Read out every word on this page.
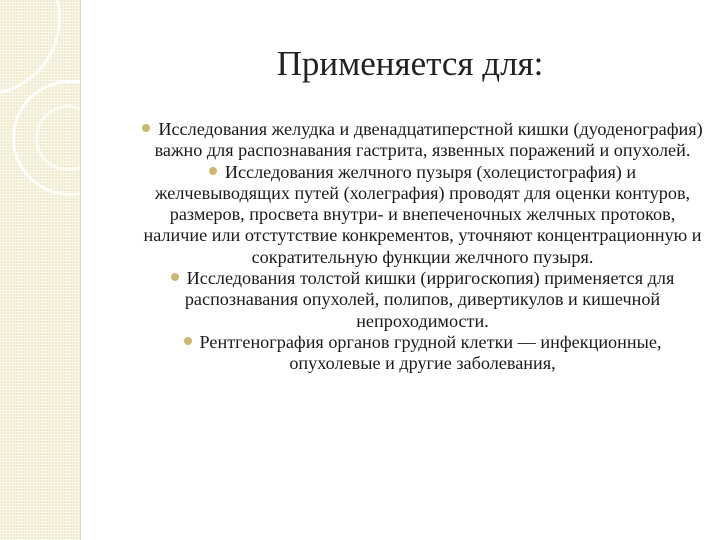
Применяется для:

Исследования желудка и двенадцатиперстной кишки (дуоденография) важно для распознавания гастрита, язвенных поражений и опухолей.

Исследования желчного пузыря (холецистография) и желчевыводящих путей (холеграфия) проводят для оценки контуров, размеров, просвета внутри- и внепеченочных желчных протоков, наличие или отстутствие конкрементов, уточняют концентрационную и сократительную функции желчного пузыря.

Исследования толстой кишки (ирригоскопия) применяется для распознавания опухолей, полипов, дивертикулов и кишечной непроходимости.

Рентгенография органов грудной клетки — инфекционные, опухолевые и другие заболевания,
